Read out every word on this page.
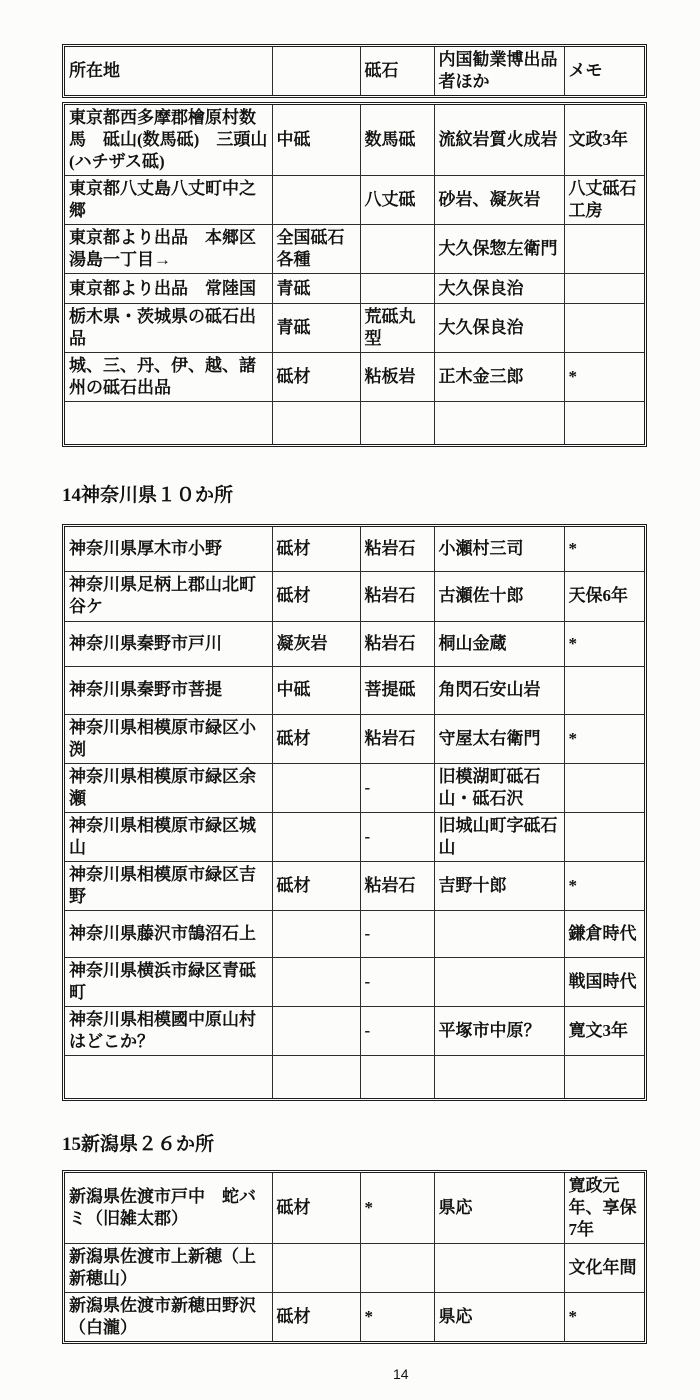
所在地		砥石	内国勧業博出品者ほか	メモ
東京都西多摩郡檜原村数馬　砥山(数馬砥)　三頭山(ハチザス砥)	中砥	数馬砥	流紋岩質火成岩	文政3年
東京都八丈島八丈町中之郷		八丈砥	砂岩、凝灰岩	八丈砥石工房
東京都より出品　本郷区湯島一丁目→	全国砥石各種		大久保惣左衛門	
東京都より出品　常陸国	青砥		大久保良治	
栃木県・茨城県の砥石出品	青砥	荒砥丸型	大久保良治	
城、三、丹、伊、越、諸州の砥石出品	砥材	粘板岩	正木金三郎	*

14神奈川県１０か所
神奈川県厚木市小野	砥材	粘岩石	小瀬村三司	*
神奈川県足柄上郡山北町谷ケ	砥材	粘岩石	古瀬佐十郎	天保6年
神奈川県秦野市戸川	凝灰岩	粘岩石	桐山金蔵	*
神奈川県秦野市菩提	中砥	菩提砥	角閃石安山岩	
神奈川県相模原市緑区小渕	砥材	粘岩石	守屋太右衛門	*
神奈川県相模原市緑区余瀬		-	旧模湖町砥石山・砥石沢	
神奈川県相模原市緑区城山		-	旧城山町字砥石山	
神奈川県相模原市緑区吉野	砥材	粘岩石	吉野十郎	*
神奈川県藤沢市鵠沼石上		-		鎌倉時代
神奈川県横浜市緑区青砥町		-		戦国時代
神奈川県相模國中原山村はどこか？		-	平塚市中原？	寛文3年

15新潟県２６か所
新潟県佐渡市戸中　蛇バミ（旧雑太郡）	砥材	*	県応	寛政元年、享保7年
新潟県佐渡市上新穂（上新穂山）				文化年間
新潟県佐渡市新穂田野沢（白瀧）	砥材	*	県応	*
14
